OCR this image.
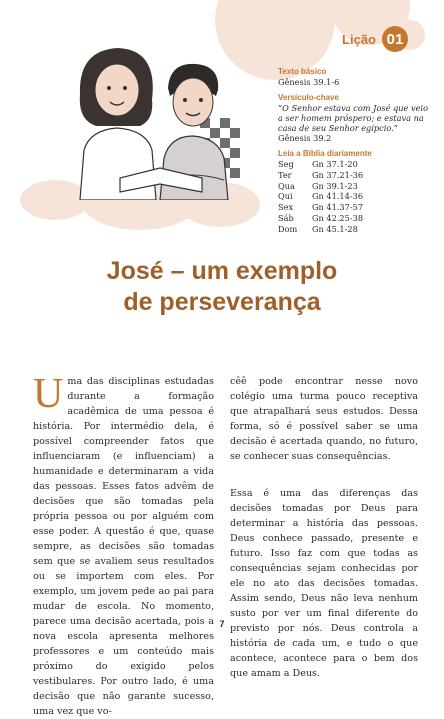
Lição 01
Texto básico
Gênesis 39.1-6
Versículo-chave
“O Senhor estava com José que veio a ser homem próspero; e estava na casa de seu Senhor egípcio.”
Gênesis 39.2
Leia a Bíblia diariamente
Seg	Gn 37.1-20
Ter	Gn 37.21-36
Qua	Gn 39.1-23
Qui	Gn 41.14-36
Sex	Gn 41.37-57
Sáb	Gn 42.25-38
Dom	Gn 45.1-28
José – um exemplo
de perseverança

Uma das disciplinas estudadas durante a formação acadêmica de uma pessoa é história. Por intermédio dela, é possível compreender fatos que influenciaram (e influenciam) a humanidade e determinaram a vida das pessoas. Esses fatos advêm de decisões que são tomadas pela própria pessoa ou por alguém com esse poder. A questão é que, quase sempre, as decisões são tomadas sem que se avaliem seus resultados ou se importem com eles. Por exemplo, um jovem pede ao pai para mudar de escola. No momento, parece uma decisão acertada, pois a nova escola apresenta melhores professores e um conteúdo mais próximo do exigido pelos vestibulares. Por outro lado, é uma decisão que não garante sucesso, uma vez que vo-

cêê pode encontrar nesse novo colégio uma turma pouco receptiva que atrapalhará seus estudos. Dessa forma, só é possível saber se uma decisão é acertada quando, no futuro, se conhecer suas consequências.

Essa é uma das diferenças das decisões tomadas por Deus para determinar a história das pessoas. Deus conhece passado, presente e futuro. Isso faz com que todas as consequências sejam conhecidas por ele no ato das decisões tomadas. Assim sendo, Deus não leva nenhum susto por ver um final diferente do previsto por nós. Deus controla a história de cada um, e tudo o que acontece, acontece para o bem dos que amam a Deus.

7
